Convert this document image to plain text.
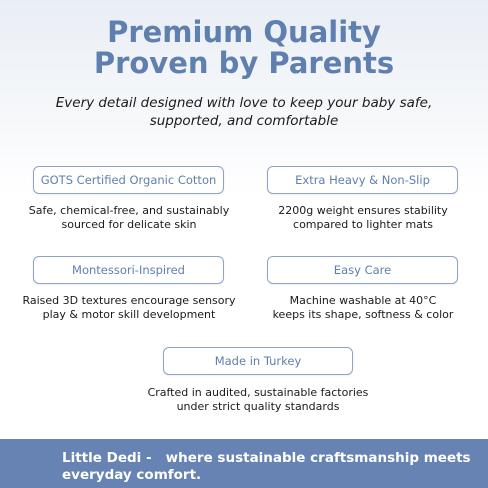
Premium Quality
Proven by Parents
Every detail designed with love to keep your baby safe,
supported, and comfortable
GOTS Certified Organic Cotton
Safe, chemical-free, and sustainably
sourced for delicate skin
Extra Heavy & Non-Slip
2200g weight ensures stability
compared to lighter mats
Montessori-Inspired
Raised 3D textures encourage sensory
play & motor skill development
Easy Care
Machine washable at 40°C
keeps its shape, softness & color
Made in Turkey
Crafted in audited, sustainable factories
under strict quality standards
Little Dedi -   where sustainable craftsmanship meets
everyday comfort.
